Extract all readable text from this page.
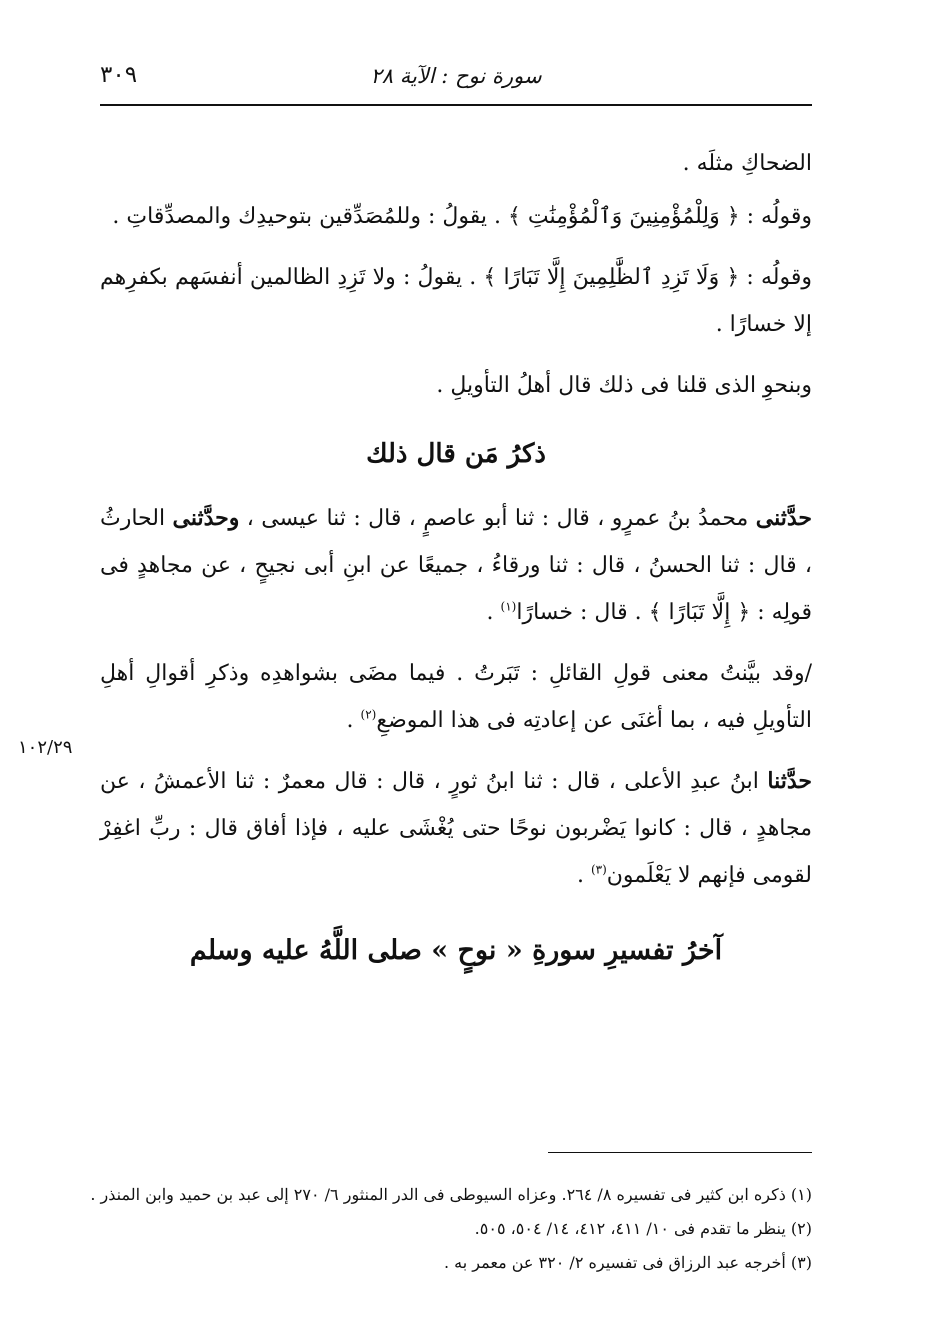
سورة نوح : الآية ٢٨
٣٠٩
١٠٢/٢٩

الضحاكِ مثلَه .

وقولُه : ﴿ وَلِلْمُؤْمِنِينَ وَٱلْمُؤْمِنَٰتِ ﴾ . يقولُ : وللمُصَدِّقين بتوحيدِك والمصدِّقاتِ .

وقولُه : ﴿ وَلَا تَزِدِ ٱلظَّٰلِمِينَ إِلَّا تَبَارًا ﴾ . يقولُ : ولا تَزِدِ الظالمين أنفسَهم بكفرِهم إلا خسارًا .

وبنحوِ الذى قلنا فى ذلك قال أهلُ التأويلِ .

ذكرُ مَن قال ذلك

حدَّثنى محمدُ بنُ عمرٍو ، قال : ثنا أبو عاصمٍ ، قال : ثنا عيسى ، وحدَّثنى الحارثُ ، قال : ثنا الحسنُ ، قال : ثنا ورقاءُ ، جميعًا عن ابنِ أبى نجيحٍ ، عن مجاهدٍ فى قولِه : ﴿ إِلَّا تَبَارًا ﴾ . قال : خسارًا$^{(١)}$ .

/وقد بيَّنتُ معنى قولِ القائلِ : تَبَرتُ . فيما مضَى بشواهدِه وذكرِ أقوالِ أهلِ التأويلِ فيه ، بما أغنَى عن إعادتِه فى هذا الموضعِ$^{(٢)}$ .

حدَّثنا ابنُ عبدِ الأعلى ، قال : ثنا ابنُ ثورٍ ، قال : قال معمرٌ : ثنا الأعمشُ ، عن مجاهدٍ ، قال : كانوا يَضْربون نوحًا حتى يُغْشَى عليه ، فإذا أفاق قال : ربِّ اغفِرْ لقومى فإنهم لا يَعْلَمون$^{(٣)}$ .

آخرُ تفسيرِ سورةِ « نوحٍ » صلى اللَّهُ عليه وسلم
(١) ذكره ابن كثير فى تفسيره ٨/ ٢٦٤. وعزاه السيوطى فى الدر المنثور ٦/ ٢٧٠ إلى عبد بن حميد وابن المنذر .
(٢) ينظر ما تقدم فى ١٠/ ٤١١، ٤١٢، ١٤/ ٥٠٤، ٥٠٥.
(٣) أخرجه عبد الرزاق فى تفسيره ٢/ ٣٢٠ عن معمر به .
